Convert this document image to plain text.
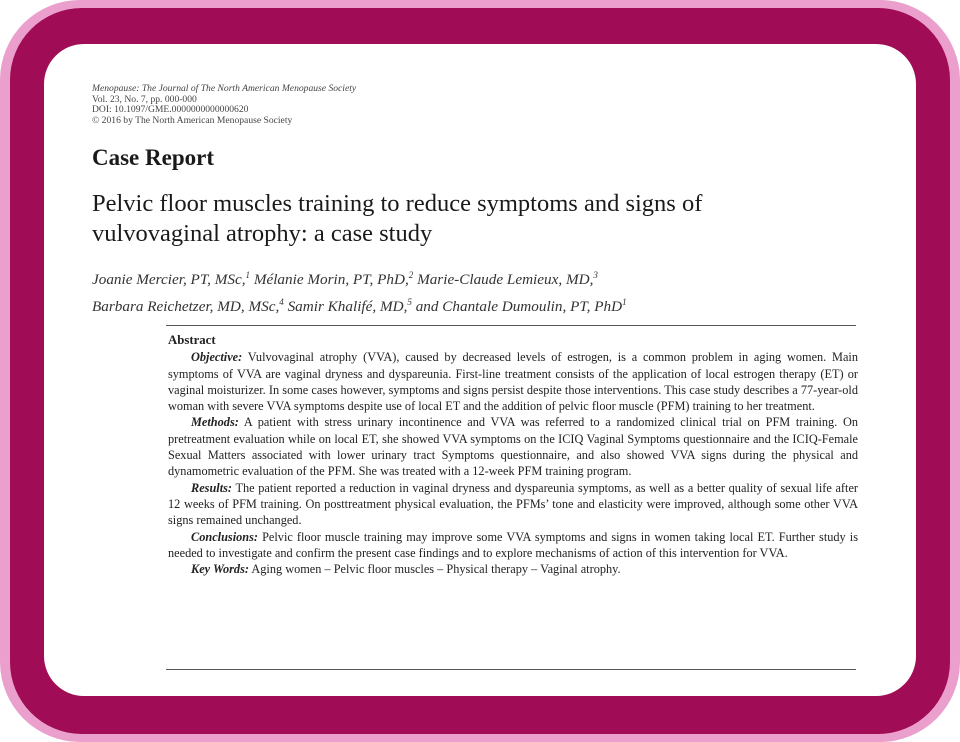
Menopause: The Journal of The North American Menopause Society
Vol. 23, No. 7, pp. 000-000
DOI: 10.1097/GME.0000000000000620
© 2016 by The North American Menopause Society
Case Report
Pelvic floor muscles training to reduce symptoms and signs of
vulvovaginal atrophy: a case study
Joanie Mercier, PT, MSc,$^1$ Mélanie Morin, PT, PhD,$^2$ Marie-Claude Lemieux, MD,$^3$
Barbara Reichetzer, MD, MSc,$^4$ Samir Khalifé, MD,$^5$ and Chantale Dumoulin, PT, PhD$^1$
Abstract

Objective: Vulvovaginal atrophy (VVA), caused by decreased levels of estrogen, is a common problem in aging women. Main symptoms of VVA are vaginal dryness and dyspareunia. First-line treatment consists of the application of local estrogen therapy (ET) or vaginal moisturizer. In some cases however, symptoms and signs persist despite those interventions. This case study describes a 77-year-old woman with severe VVA symptoms despite use of local ET and the addition of pelvic floor muscle (PFM) training to her treatment.

Methods: A patient with stress urinary incontinence and VVA was referred to a randomized clinical trial on PFM training. On pretreatment evaluation while on local ET, she showed VVA symptoms on the ICIQ Vaginal Symptoms questionnaire and the ICIQ-Female Sexual Matters associated with lower urinary tract Symptoms questionnaire, and also showed VVA signs during the physical and dynamometric evaluation of the PFM. She was treated with a 12-week PFM training program.

Results: The patient reported a reduction in vaginal dryness and dyspareunia symptoms, as well as a better quality of sexual life after 12 weeks of PFM training. On posttreatment physical evaluation, the PFMs’ tone and elasticity were improved, although some other VVA signs remained unchanged.

Conclusions: Pelvic floor muscle training may improve some VVA symptoms and signs in women taking local ET. Further study is needed to investigate and confirm the present case findings and to explore mechanisms of action of this intervention for VVA.

Key Words: Aging women – Pelvic floor muscles – Physical therapy – Vaginal atrophy.
